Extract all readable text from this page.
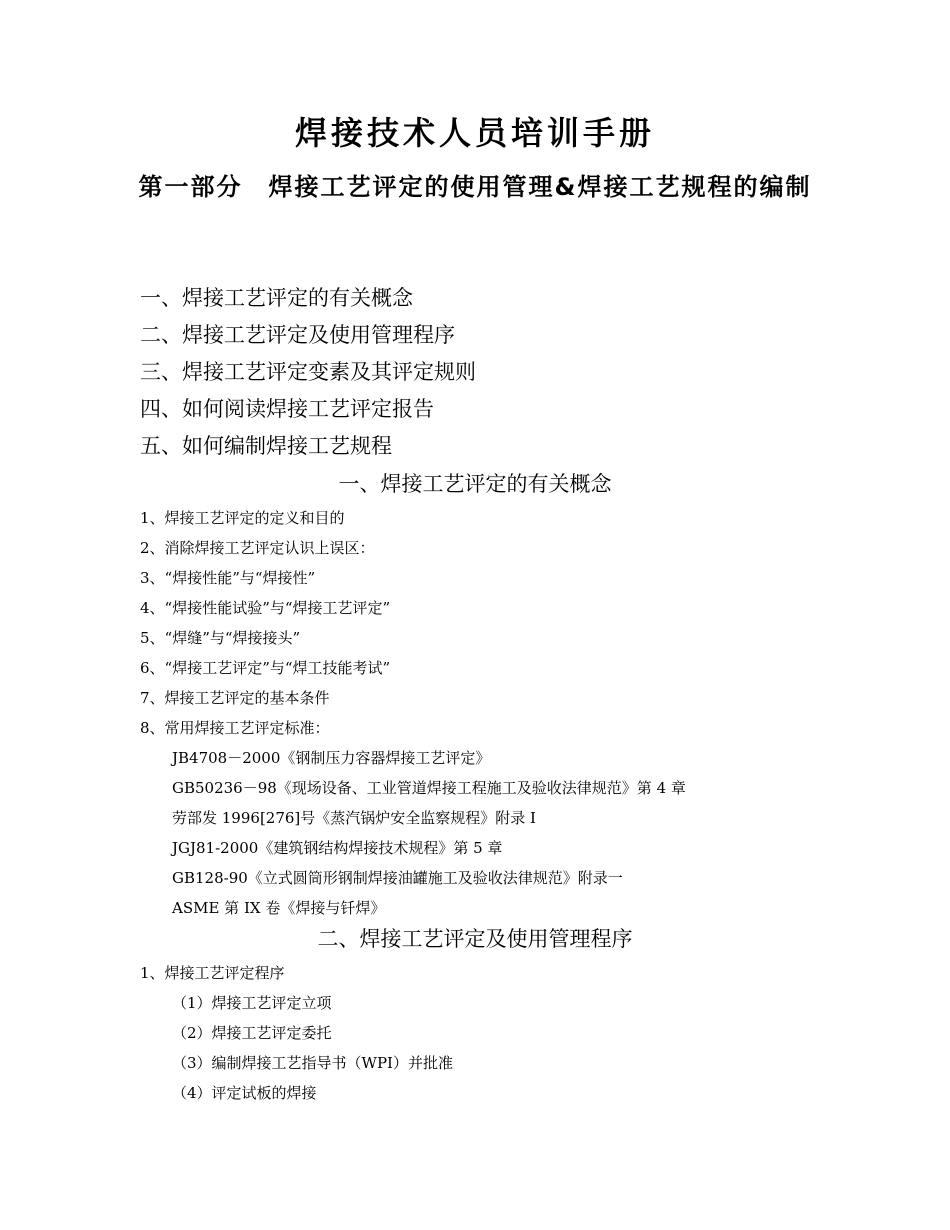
焊接技术人员培训手册
第一部分　焊接工艺评定的使用管理&焊接工艺规程的编制
一、焊接工艺评定的有关概念
二、焊接工艺评定及使用管理程序
三、焊接工艺评定变素及其评定规则
四、如何阅读焊接工艺评定报告
五、如何编制焊接工艺规程
一、焊接工艺评定的有关概念
1、焊接工艺评定的定义和目的
2、消除焊接工艺评定认识上误区：
3、“焊接性能”与“焊接性”
4、“焊接性能试验”与“焊接工艺评定”
5、“焊缝”与“焊接接头”
6、“焊接工艺评定”与“焊工技能考试”
7、焊接工艺评定的基本条件
8、常用焊接工艺评定标准：
JB4708－2000《钢制压力容器焊接工艺评定》
GB50236－98《现场设备、工业管道焊接工程施工及验收法律规范》第 4 章
劳部发 1996[276]号《蒸汽锅炉安全监察规程》附录 I
JGJ81-2000《建筑钢结构焊接技术规程》第 5 章
GB128-90《立式圆筒形钢制焊接油罐施工及验收法律规范》附录一
ASME 第 IX 卷《焊接与钎焊》
二、焊接工艺评定及使用管理程序
1、焊接工艺评定程序
（1）焊接工艺评定立项
（2）焊接工艺评定委托
（3）编制焊接工艺指导书（WPI）并批准
（4）评定试板的焊接
